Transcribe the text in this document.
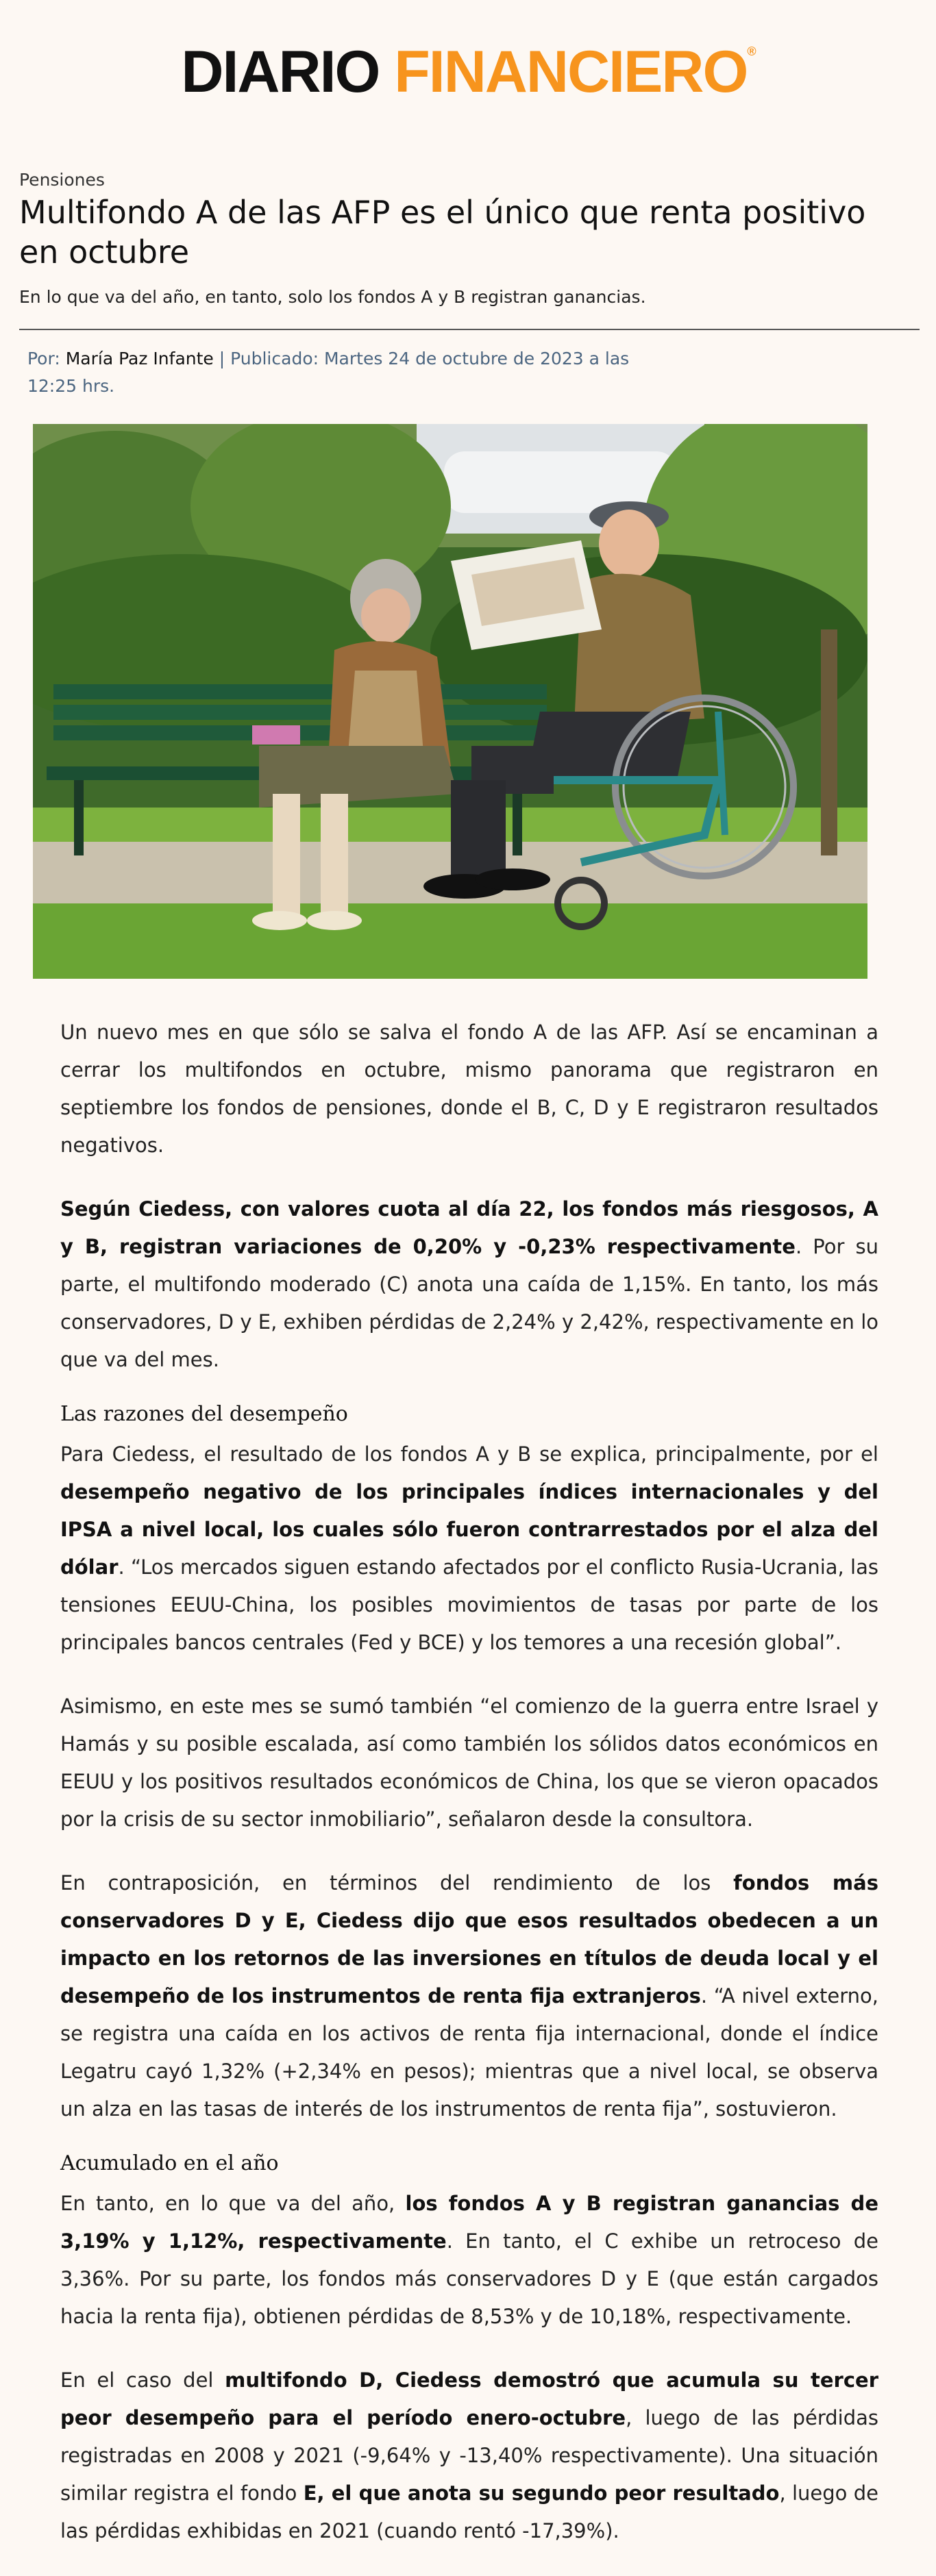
DIARIO FINANCIERO®
Pensiones
Multifondo A de las AFP es el único que renta positivo en octubre
En lo que va del año, en tanto, solo los fondos A y B registran ganancias.
Por: María Paz Infante | Publicado: Martes 24 de octubre de 2023 a las 12:25 hrs.

Un nuevo mes en que sólo se salva el fondo A de las AFP. Así se encaminan a cerrar los multifondos en octubre, mismo panorama que registraron en septiembre los fondos de pensiones, donde el B, C, D y E registraron resultados negativos.

Según Ciedess, con valores cuota al día 22, los fondos más riesgosos, A y B, registran variaciones de 0,20% y -0,23% respectivamente. Por su parte, el multifondo moderado (C) anota una caída de 1,15%. En tanto, los más conservadores, D y E, exhiben pérdidas de 2,24% y 2,42%, respectivamente en lo que va del mes.

Las razones del desempeño

Para Ciedess, el resultado de los fondos A y B se explica, principalmente, por el desempeño negativo de los principales índices internacionales y del IPSA a nivel local, los cuales sólo fueron contrarrestados por el alza del dólar. “Los mercados siguen estando afectados por el conflicto Rusia-Ucrania, las tensiones EEUU-China, los posibles movimientos de tasas por parte de los principales bancos centrales (Fed y BCE) y los temores a una recesión global”.

Asimismo, en este mes se sumó también “el comienzo de la guerra entre Israel y Hamás y su posible escalada, así como también los sólidos datos económicos en EEUU y los positivos resultados económicos de China, los que se vieron opacados por la crisis de su sector inmobiliario”, señalaron desde la consultora.

En contraposición, en términos del rendimiento de los fondos más conservadores D y E, Ciedess dijo que esos resultados obedecen a un impacto en los retornos de las inversiones en títulos de deuda local y el desempeño de los instrumentos de renta fija extranjeros. “A nivel externo, se registra una caída en los activos de renta fija internacional, donde el índice Legatru cayó 1,32% (+2,34% en pesos); mientras que a nivel local, se observa un alza en las tasas de interés de los instrumentos de renta fija”, sostuvieron.

Acumulado en el año

En tanto, en lo que va del año, los fondos A y B registran ganancias de 3,19% y 1,12%, respectivamente. En tanto, el C exhibe un retroceso de 3,36%. Por su parte, los fondos más conservadores D y E (que están cargados hacia la renta fija), obtienen pérdidas de 8,53% y de 10,18%, respectivamente.

En el caso del multifondo D, Ciedess demostró que acumula su tercer peor desempeño para el período enero-octubre, luego de las pérdidas registradas en 2008 y 2021 (-9,64% y -13,40% respectivamente). Una situación similar registra el fondo E, el que anota su segundo peor resultado, luego de las pérdidas exhibidas en 2021 (cuando rentó -17,39%).
